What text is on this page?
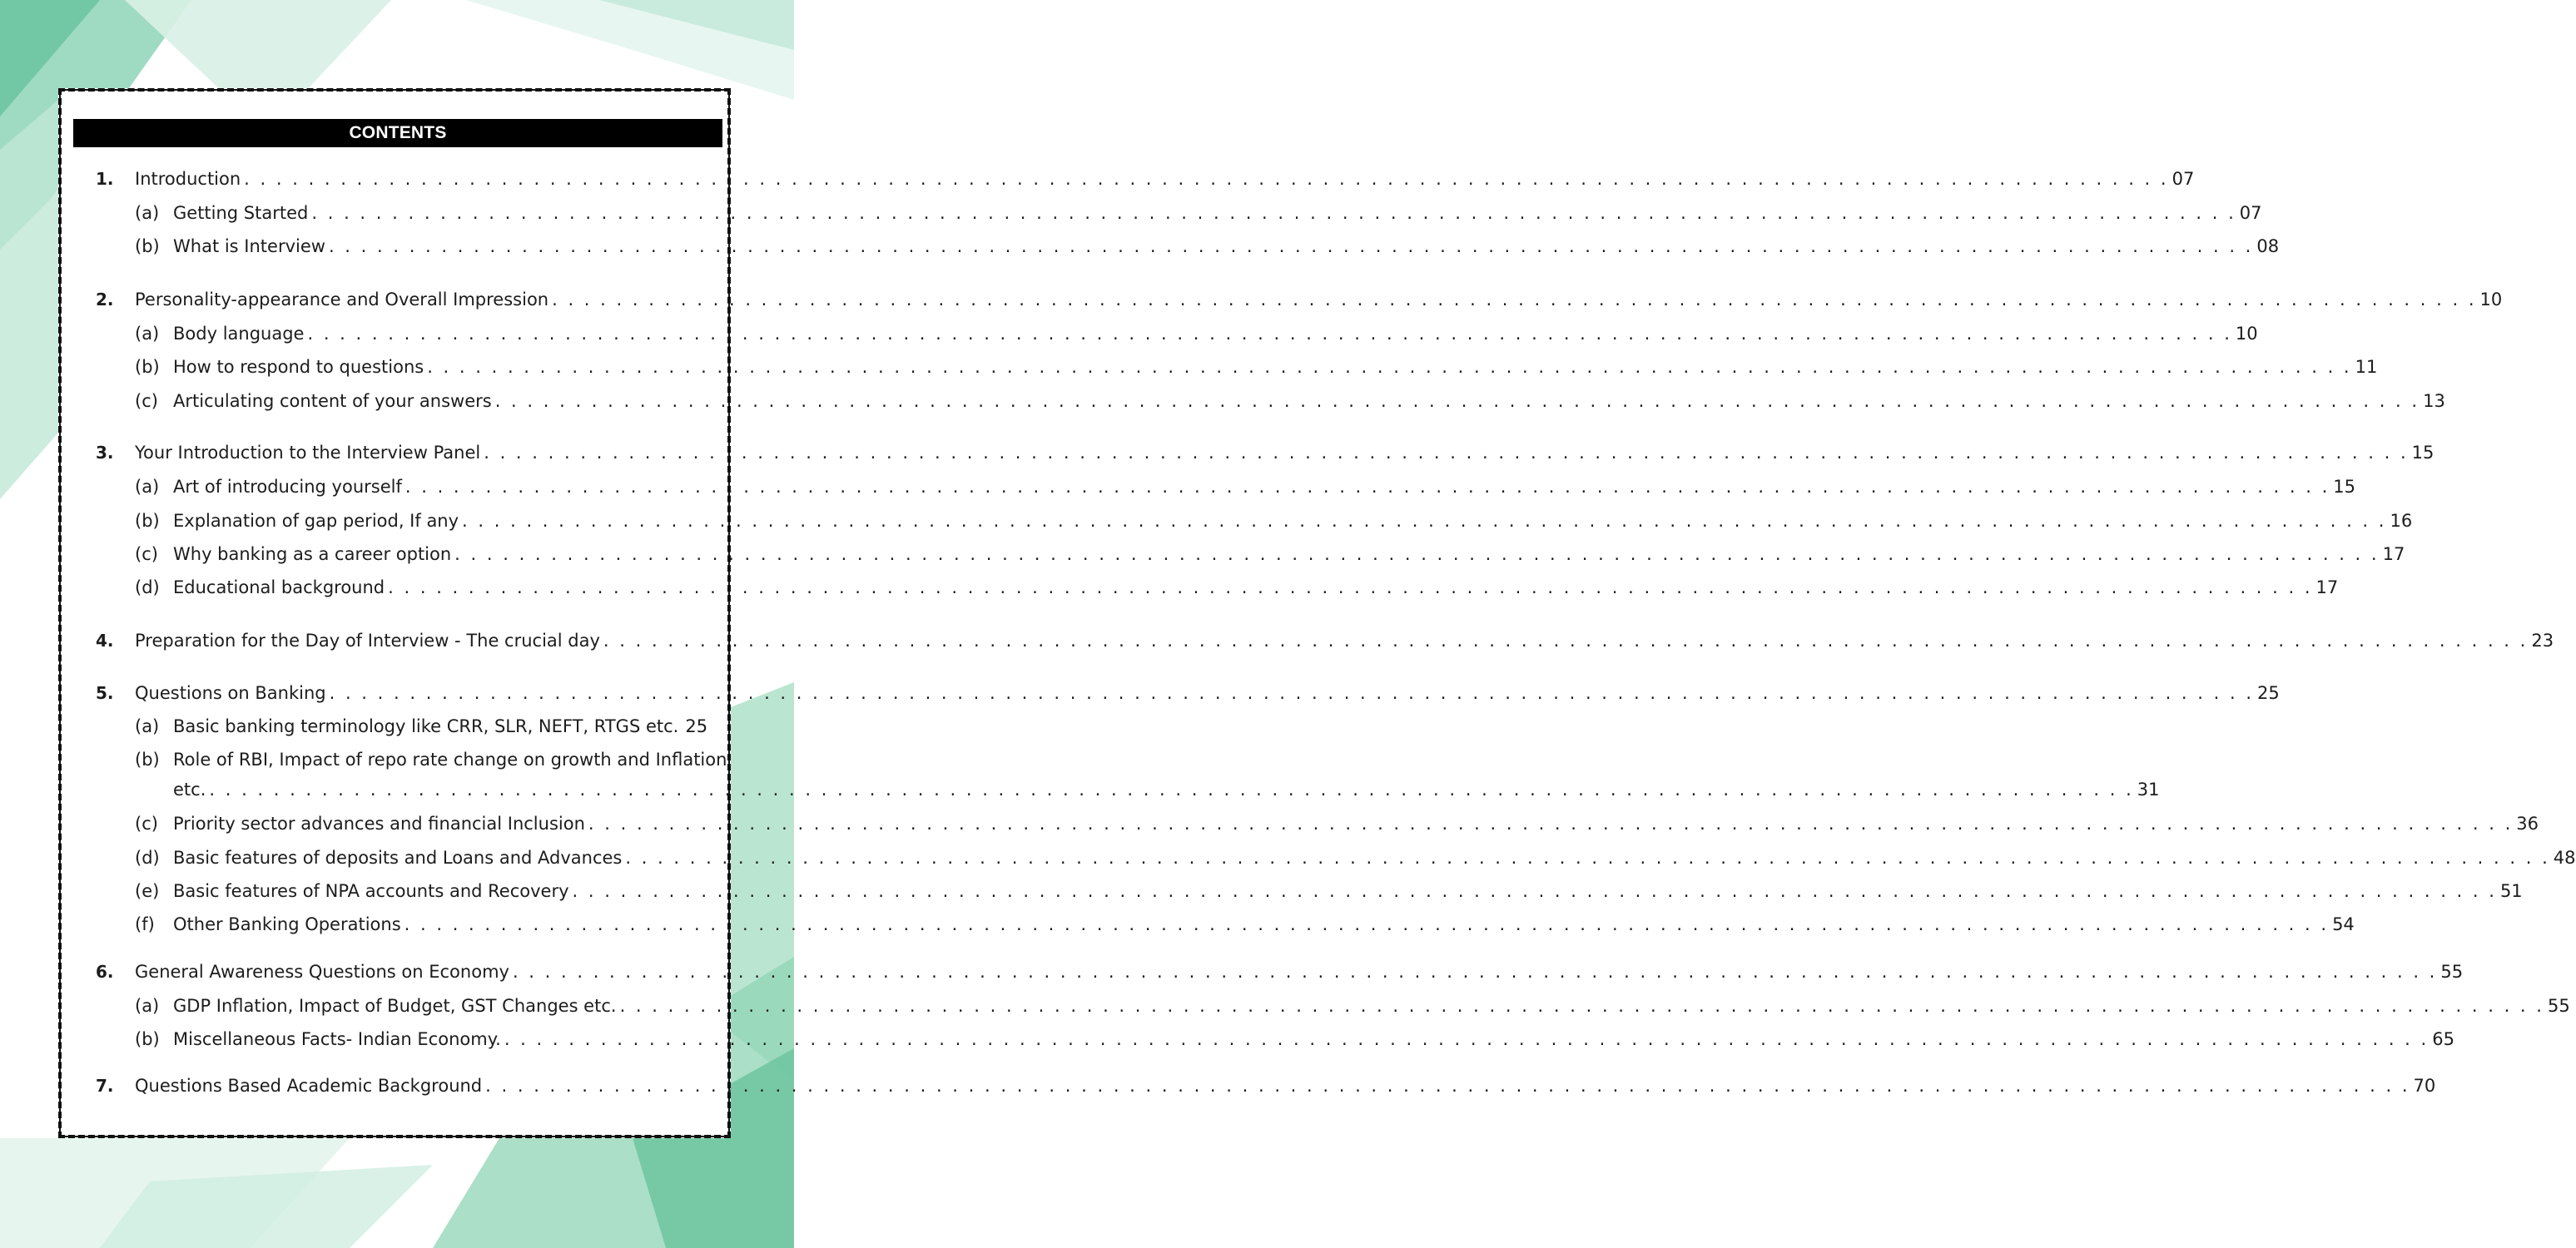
CONTENTS
1. Introduction . . . . . . . . . . . . . . . . . . . . . . . . . . . . . . . . . . . . . . . . . . . . . . . . . . . . . . . . . . . . . . . . . . . . . . . . . . . . . . . . . . . . . . . . . . . . . . . . . . . . . . . . . . . . . . . . . . . . . . . . 07
(a) Getting Started . . . . . . . . . . . . . . . . . . . . . . . . . . . . . . . . . . . . . . . . . . . . . . . . . . . . . . . . . . . . . . . . . . . . . . . . . . . . . . . . . . . . . . . . . . . . . . . . . . . . . . . . . . . . . . . . . . . . . . . . 07
(b) What is Interview . . . . . . . . . . . . . . . . . . . . . . . . . . . . . . . . . . . . . . . . . . . . . . . . . . . . . . . . . . . . . . . . . . . . . . . . . . . . . . . . . . . . . . . . . . . . . . . . . . . . . . . . . . . . . . . . . . . . . . . . 08
2. Personality-appearance and Overall Impression . . . . . . . . . . . . . . . . . . . . . . . . . . . . . . . . . . . . . . . . . . . . . . . . . . . . . . . . . . . . . . . . . . . . . . . . . . . . . . . . . . . . . . . . . . . . . . . . . . . . . . . . . . . . . . . . . . . . . . . . 10
(a) Body language . . . . . . . . . . . . . . . . . . . . . . . . . . . . . . . . . . . . . . . . . . . . . . . . . . . . . . . . . . . . . . . . . . . . . . . . . . . . . . . . . . . . . . . . . . . . . . . . . . . . . . . . . . . . . . . . . . . . . . . . 10
(b) How to respond to questions . . . . . . . . . . . . . . . . . . . . . . . . . . . . . . . . . . . . . . . . . . . . . . . . . . . . . . . . . . . . . . . . . . . . . . . . . . . . . . . . . . . . . . . . . . . . . . . . . . . . . . . . . . . . . . . . . . . . . . . . 11
(c) Articulating content of your answers . . . . . . . . . . . . . . . . . . . . . . . . . . . . . . . . . . . . . . . . . . . . . . . . . . . . . . . . . . . . . . . . . . . . . . . . . . . . . . . . . . . . . . . . . . . . . . . . . . . . . . . . . . . . . . . . . . . . . . . . 13
3. Your Introduction to the Interview Panel . . . . . . . . . . . . . . . . . . . . . . . . . . . . . . . . . . . . . . . . . . . . . . . . . . . . . . . . . . . . . . . . . . . . . . . . . . . . . . . . . . . . . . . . . . . . . . . . . . . . . . . . . . . . . . . . . . . . . . . . 15
(a) Art of introducing yourself . . . . . . . . . . . . . . . . . . . . . . . . . . . . . . . . . . . . . . . . . . . . . . . . . . . . . . . . . . . . . . . . . . . . . . . . . . . . . . . . . . . . . . . . . . . . . . . . . . . . . . . . . . . . . . . . . . . . . . . . 15
(b) Explanation of gap period, If any . . . . . . . . . . . . . . . . . . . . . . . . . . . . . . . . . . . . . . . . . . . . . . . . . . . . . . . . . . . . . . . . . . . . . . . . . . . . . . . . . . . . . . . . . . . . . . . . . . . . . . . . . . . . . . . . . . . . . . . . 16
(c) Why banking as a career option . . . . . . . . . . . . . . . . . . . . . . . . . . . . . . . . . . . . . . . . . . . . . . . . . . . . . . . . . . . . . . . . . . . . . . . . . . . . . . . . . . . . . . . . . . . . . . . . . . . . . . . . . . . . . . . . . . . . . . . . 17
(d) Educational background . . . . . . . . . . . . . . . . . . . . . . . . . . . . . . . . . . . . . . . . . . . . . . . . . . . . . . . . . . . . . . . . . . . . . . . . . . . . . . . . . . . . . . . . . . . . . . . . . . . . . . . . . . . . . . . . . . . . . . . . 17
4. Preparation for the Day of Interview - The crucial day . . . . . . . . . . . . . . . . . . . . . . . . . . . . . . . . . . . . . . . . . . . . . . . . . . . . . . . . . . . . . . . . . . . . . . . . . . . . . . . . . . . . . . . . . . . . . . . . . . . . . . . . . . . . . . . . . . . . . . . . 23
5. Questions on Banking . . . . . . . . . . . . . . . . . . . . . . . . . . . . . . . . . . . . . . . . . . . . . . . . . . . . . . . . . . . . . . . . . . . . . . . . . . . . . . . . . . . . . . . . . . . . . . . . . . . . . . . . . . . . . . . . . . . . . . . . 25
(a) Basic banking terminology like CRR, SLR, NEFT, RTGS etc. 25
(b) Role of RBI, Impact of repo rate change on growth and Inflation
etc. . . . . . . . . . . . . . . . . . . . . . . . . . . . . . . . . . . . . . . . . . . . . . . . . . . . . . . . . . . . . . . . . . . . . . . . . . . . . . . . . . . . . . . . . . . . . . . . . . . . . . . . . . . . . . . . . . . . . . . . . 31
(c) Priority sector advances and financial Inclusion . . . . . . . . . . . . . . . . . . . . . . . . . . . . . . . . . . . . . . . . . . . . . . . . . . . . . . . . . . . . . . . . . . . . . . . . . . . . . . . . . . . . . . . . . . . . . . . . . . . . . . . . . . . . . . . . . . . . . . . . 36
(d) Basic features of deposits and Loans and Advances . . . . . . . . . . . . . . . . . . . . . . . . . . . . . . . . . . . . . . . . . . . . . . . . . . . . . . . . . . . . . . . . . . . . . . . . . . . . . . . . . . . . . . . . . . . . . . . . . . . . . . . . . . . . . . . . . . . . . . . . 48
(e) Basic features of NPA accounts and Recovery . . . . . . . . . . . . . . . . . . . . . . . . . . . . . . . . . . . . . . . . . . . . . . . . . . . . . . . . . . . . . . . . . . . . . . . . . . . . . . . . . . . . . . . . . . . . . . . . . . . . . . . . . . . . . . . . . . . . . . . . 51
(f) Other Banking Operations . . . . . . . . . . . . . . . . . . . . . . . . . . . . . . . . . . . . . . . . . . . . . . . . . . . . . . . . . . . . . . . . . . . . . . . . . . . . . . . . . . . . . . . . . . . . . . . . . . . . . . . . . . . . . . . . . . . . . . . . 54
6. General Awareness Questions on Economy . . . . . . . . . . . . . . . . . . . . . . . . . . . . . . . . . . . . . . . . . . . . . . . . . . . . . . . . . . . . . . . . . . . . . . . . . . . . . . . . . . . . . . . . . . . . . . . . . . . . . . . . . . . . . . . . . . . . . . . . 55
(a) GDP Inflation, Impact of Budget, GST Changes etc. . . . . . . . . . . . . . . . . . . . . . . . . . . . . . . . . . . . . . . . . . . . . . . . . . . . . . . . . . . . . . . . . . . . . . . . . . . . . . . . . . . . . . . . . . . . . . . . . . . . . . . . . . . . . . . . . . . . . . . . . 55
(b) Miscellaneous Facts- Indian Economy. . . . . . . . . . . . . . . . . . . . . . . . . . . . . . . . . . . . . . . . . . . . . . . . . . . . . . . . . . . . . . . . . . . . . . . . . . . . . . . . . . . . . . . . . . . . . . . . . . . . . . . . . . . . . . . . . . . . . . . . . 65
7. Questions Based Academic Background . . . . . . . . . . . . . . . . . . . . . . . . . . . . . . . . . . . . . . . . . . . . . . . . . . . . . . . . . . . . . . . . . . . . . . . . . . . . . . . . . . . . . . . . . . . . . . . . . . . . . . . . . . . . . . . . . . . . . . . . 70
